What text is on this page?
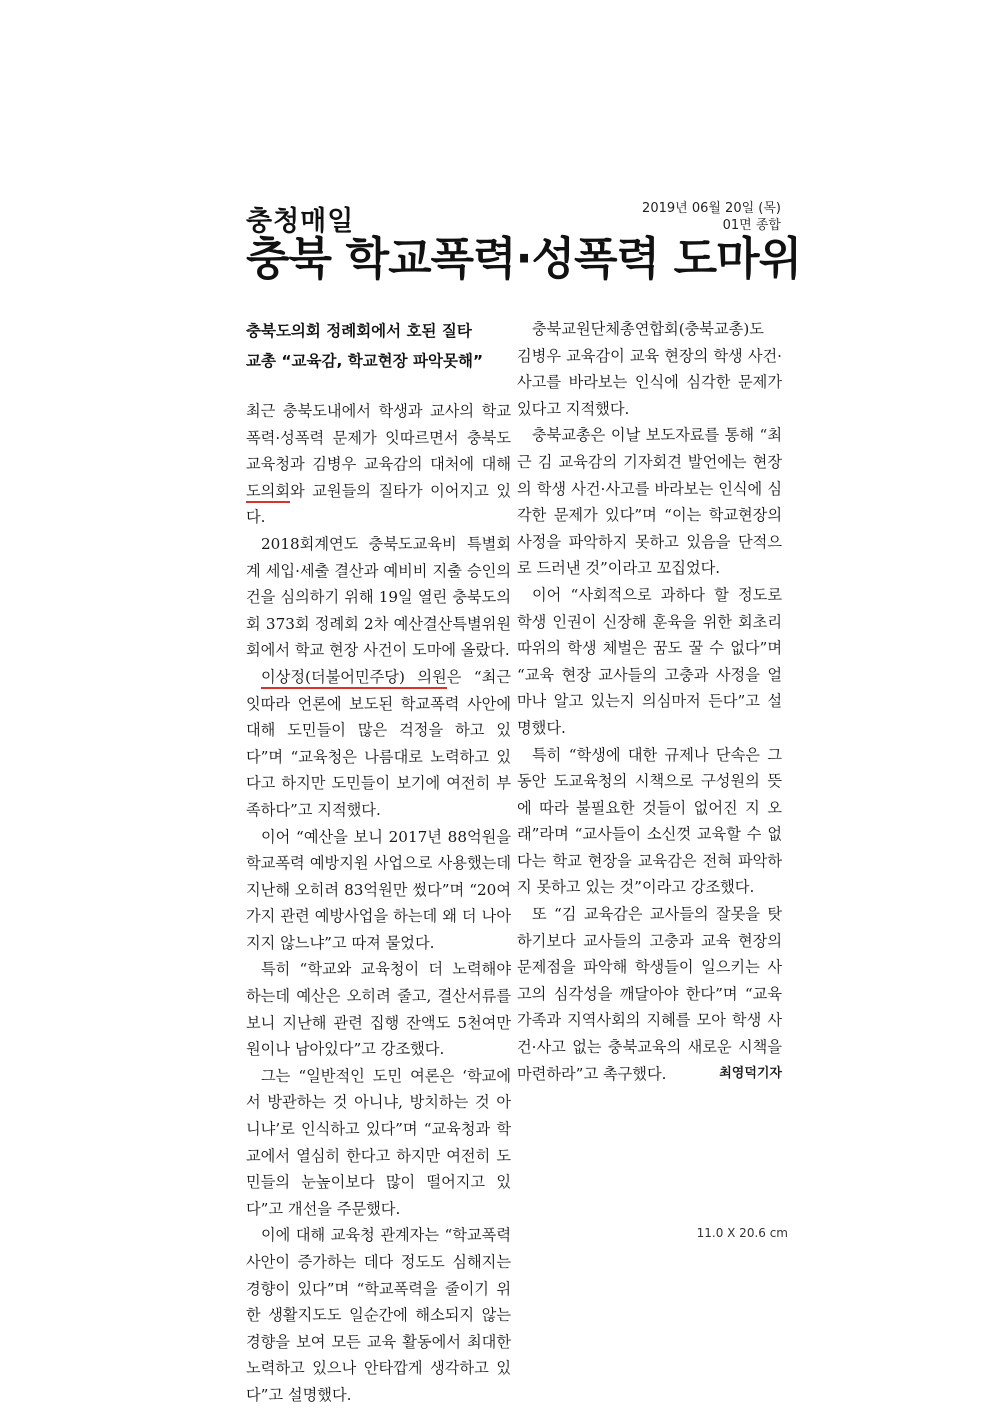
충청매일	2019년 06월 20일 (목)
01면 종합
충북 학교폭력·성폭력 도마위
충북도의회 정례회에서 호된 질타
교총 “교육감, 학교현장 파악못해”

최근 충북도내에서 학생과 교사의 학교폭력·성폭력 문제가 잇따르면서 충북도교육청과 김병우 교육감의 대처에 대해 도의회와 교원들의 질타가 이어지고 있다.

2018회계연도 충북도교육비 특별회계 세입·세출 결산과 예비비 지출 승인의 건을 심의하기 위해 19일 열린 충북도의회 373회 정례회 2차 예산결산특별위원회에서 학교 현장 사건이 도마에 올랐다.

이상정(더불어민주당) 의원은 “최근 잇따라 언론에 보도된 학교폭력 사안에 대해 도민들이 많은 걱정을 하고 있다”며 “교육청은 나름대로 노력하고 있다고 하지만 도민들이 보기에 여전히 부족하다”고 지적했다.

이어 “예산을 보니 2017년 88억원을 학교폭력 예방지원 사업으로 사용했는데 지난해 오히려 83억원만 썼다”며 “20여가지 관련 예방사업을 하는데 왜 더 나아지지 않느냐”고 따져 물었다.

특히 “학교와 교육청이 더 노력해야 하는데 예산은 오히려 줄고, 결산서류를 보니 지난해 관련 집행 잔액도 5천여만원이나 남아있다”고 강조했다.

그는 “일반적인 도민 여론은 ‘학교에서 방관하는 것 아니냐, 방치하는 것 아니냐’로 인식하고 있다”며 “교육청과 학교에서 열심히 한다고 하지만 여전히 도민들의 눈높이보다 많이 떨어지고 있다”고 개선을 주문했다.

이에 대해 교육청 관계자는 “학교폭력 사안이 증가하는 데다 정도도 심해지는 경향이 있다”며 “학교폭력을 줄이기 위한 생활지도도 일순간에 해소되지 않는 경향을 보여 모든 교육 활동에서 최대한 노력하고 있으나 안타깝게 생각하고 있다”고 설명했다.

충북교원단체총연합회(충북교총)도 김병우 교육감이 교육 현장의 학생 사건·사고를 바라보는 인식에 심각한 문제가 있다고 지적했다.

충북교총은 이날 보도자료를 통해 “최근 김 교육감의 기자회견 발언에는 현장의 학생 사건·사고를 바라보는 인식에 심각한 문제가 있다”며 “이는 학교현장의 사정을 파악하지 못하고 있음을 단적으로 드러낸 것”이라고 꼬집었다.

이어 “사회적으로 과하다 할 정도로 학생 인권이 신장해 훈육을 위한 회초리 따위의 학생 체벌은 꿈도 꿀 수 없다”며 “교육 현장 교사들의 고충과 사정을 얼마나 알고 있는지 의심마저 든다”고 설명했다.

특히 “학생에 대한 규제나 단속은 그동안 도교육청의 시책으로 구성원의 뜻에 따라 불필요한 것들이 없어진 지 오래”라며 “교사들이 소신껏 교육할 수 없다는 학교 현장을 교육감은 전혀 파악하지 못하고 있는 것”이라고 강조했다.

또 “김 교육감은 교사들의 잘못을 탓하기보다 교사들의 고충과 교육 현장의 문제점을 파악해 학생들이 일으키는 사고의 심각성을 깨달아야 한다”며 “교육가족과 지역사회의 지혜를 모아 학생 사건·사고 없는 충북교육의 새로운 시책을 마련하라”고 촉구했다.	최영덕기자

11.0 X 20.6 cm
